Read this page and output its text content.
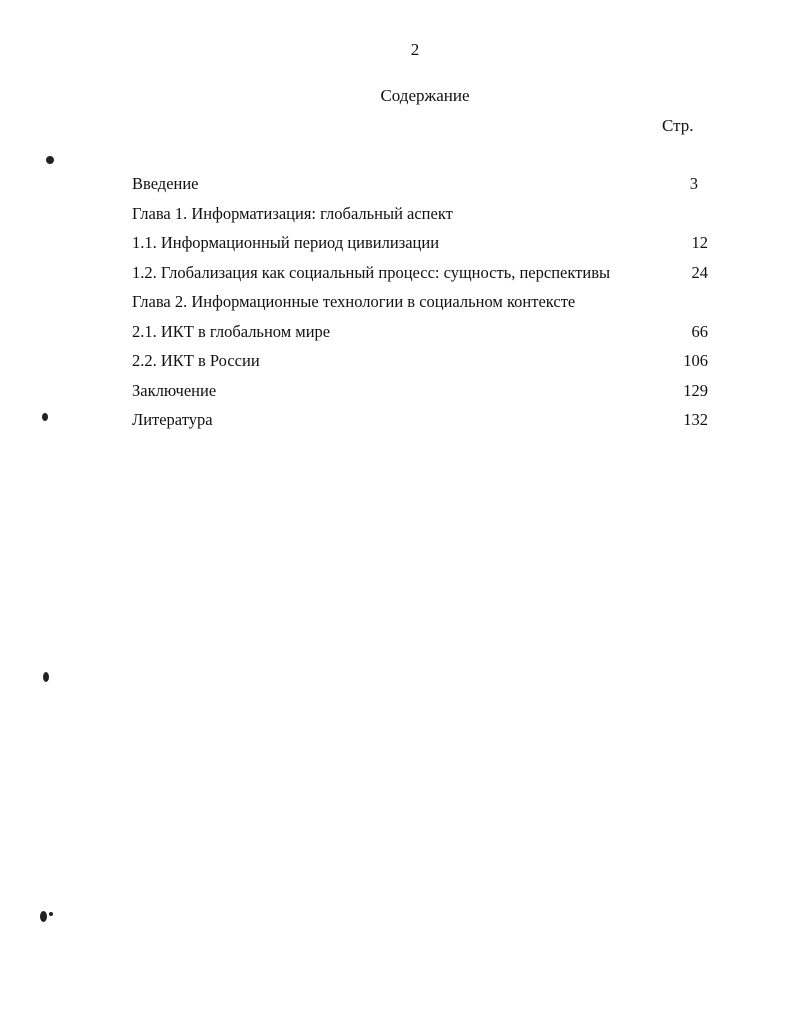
2
Содержание
Стр.
Введение	3
Глава 1. Информатизация: глобальный аспект
1.1. Информационный период цивилизации	12
1.2. Глобализация как социальный процесс: сущность, перспективы	24
Глава 2. Информационные технологии в социальном контексте
2.1. ИКТ в глобальном мире	66
2.2. ИКТ в России	106
Заключение	129
Литература	132
